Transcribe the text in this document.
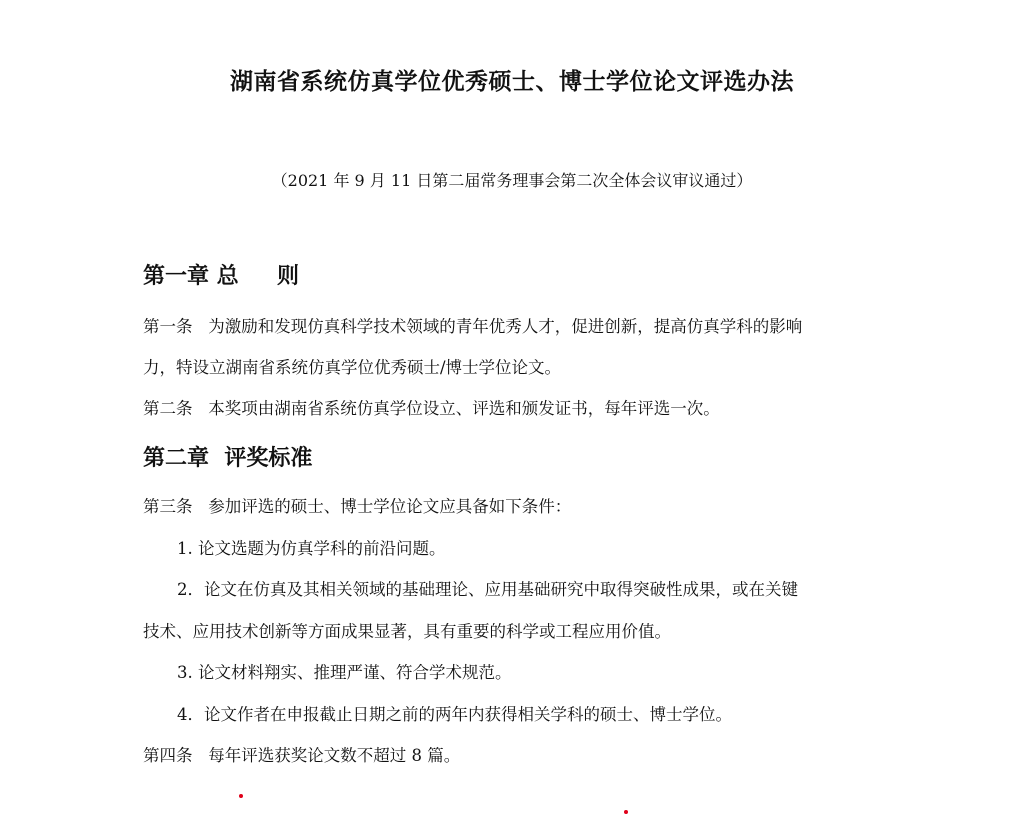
湖南省系统仿真学位优秀硕士、博士学位论文评选办法
（2021 年 9 月 11 日第二届常务理事会第二次全体会议审议通过）
第一章 总     则
第一条   为激励和发现仿真科学技术领域的青年优秀人才，促进创新，提高仿真学科的影响
力，特设立湖南省系统仿真学位优秀硕士/博士学位论文。
第二条   本奖项由湖南省系统仿真学位设立、评选和颁发证书，每年评选一次。
第二章  评奖标准
第三条   参加评选的硕士、博士学位论文应具备如下条件：
1. 论文选题为仿真学科的前沿问题。
2．论文在仿真及其相关领域的基础理论、应用基础研究中取得突破性成果，或在关键
技术、应用技术创新等方面成果显著，具有重要的科学或工程应用价值。
3. 论文材料翔实、推理严谨、符合学术规范。
4．论文作者在申报截止日期之前的两年内获得相关学科的硕士、博士学位。
第四条   每年评选获奖论文数不超过 8 篇。
